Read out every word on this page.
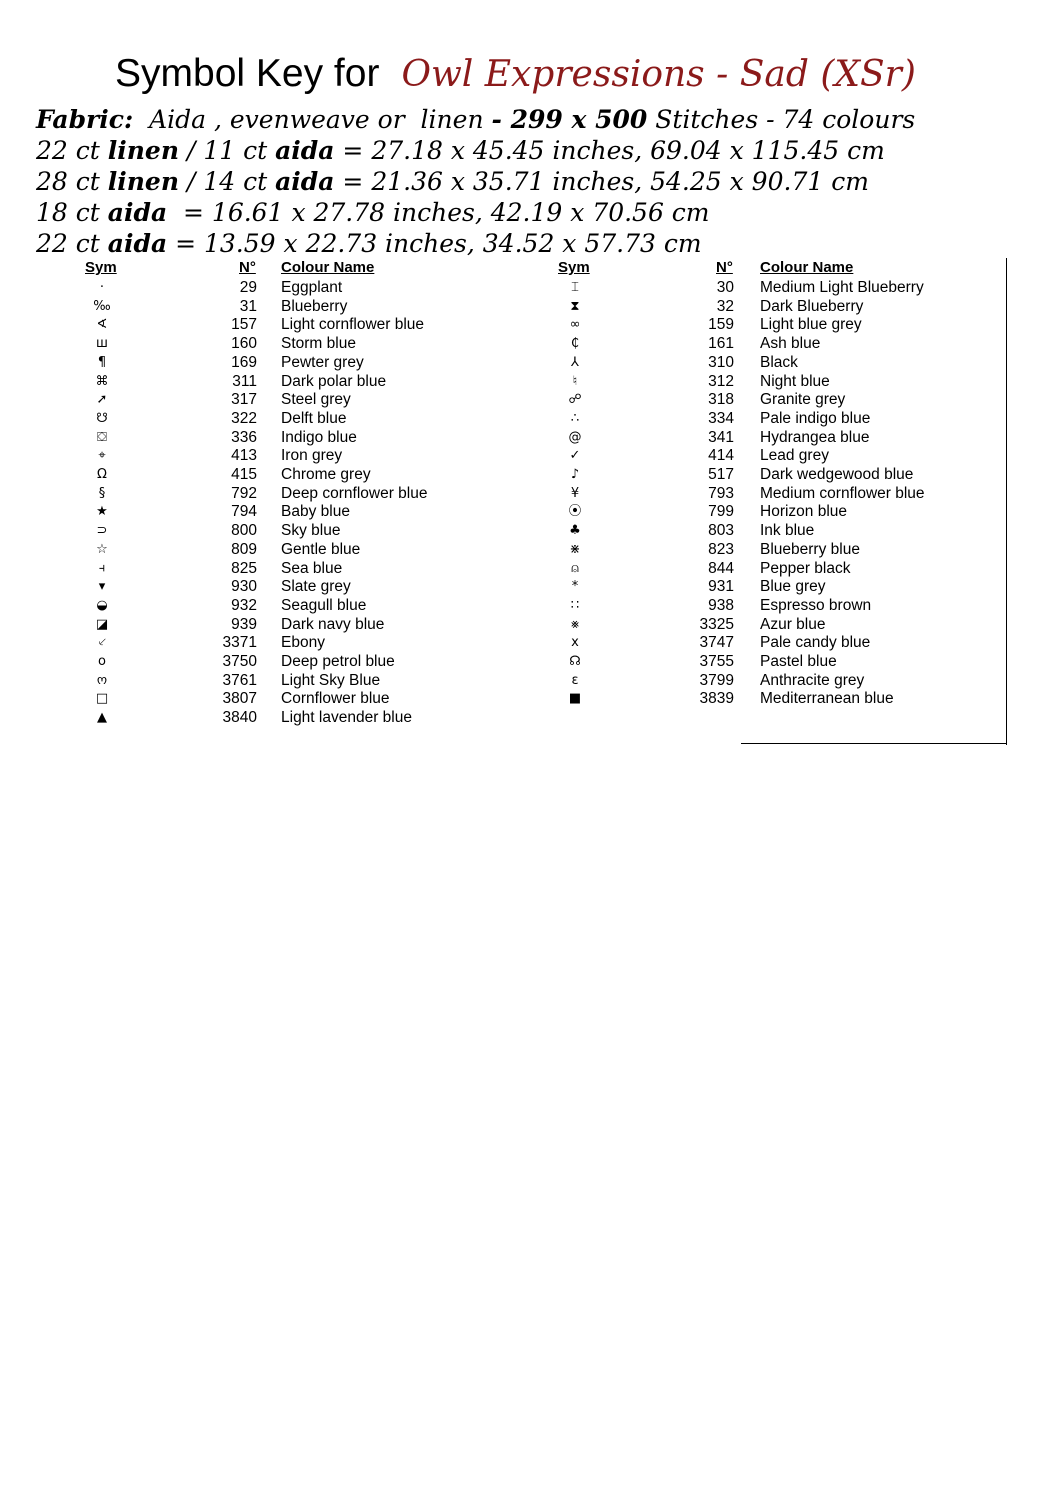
Symbol Key for Owl Expressions - Sad (XSr)
Fabric:  Aida , evenweave or  linen - 299 x 500 Stitches - 74 colours
22 ct linen / 11 ct aida = 27.18 x 45.45 inches, 69.04 x 115.45 cm
28 ct linen / 14 ct aida = 21.36 x 35.71 inches, 54.25 x 90.71 cm
18 ct aida  = 16.61 x 27.78 inches, 42.19 x 70.56 cm
22 ct aida = 13.59 x 22.73 inches, 34.52 x 57.73 cm
Sym	N° Colour Name	Sym	N° Colour Name
·	29 Eggplant
‰	31 Blueberry
∢	157 Light cornflower blue
ш	160 Storm blue
¶	169 Pewter grey
⌘	311 Dark polar blue
➚	317 Steel grey
☋	322 Delft blue
⛋	336 Indigo blue
⌖	413 Iron grey
Ω	415 Chrome grey
§	792 Deep cornflower blue
★	794 Baby blue
⊃	800 Sky blue
☆	809 Gentle blue
⫞	825 Sea blue
▾	930 Slate grey
◒	932 Seagull blue
◪	939 Dark navy blue
⸔	3371 Ebony
o	3750 Deep petrol blue
ო	3761 Light Sky Blue
□	3807 Cornflower blue
▲	3840 Light lavender blue
⌶	30 Medium Light Blueberry
⧗	32 Dark Blueberry
∞	159 Light blue grey
₵	161 Ash blue
⅄	310 Black
♮	312 Night blue
☍	318 Granite grey
∴	334 Pale indigo blue
@	341 Hydrangea blue
✓	414 Lead grey
♪	517 Dark wedgewood blue
¥	793 Medium cornflower blue
⦿	799 Horizon blue
♣	803 Ink blue
⋇	823 Blueberry blue
⍝	844 Pepper black
*	931 Blue grey
∷	938 Espresso brown
⨳	3325 Azur blue
x	3747 Pale candy blue
☊	3755 Pastel blue
ε	3799 Anthracite grey
■	3839 Mediterranean blue
